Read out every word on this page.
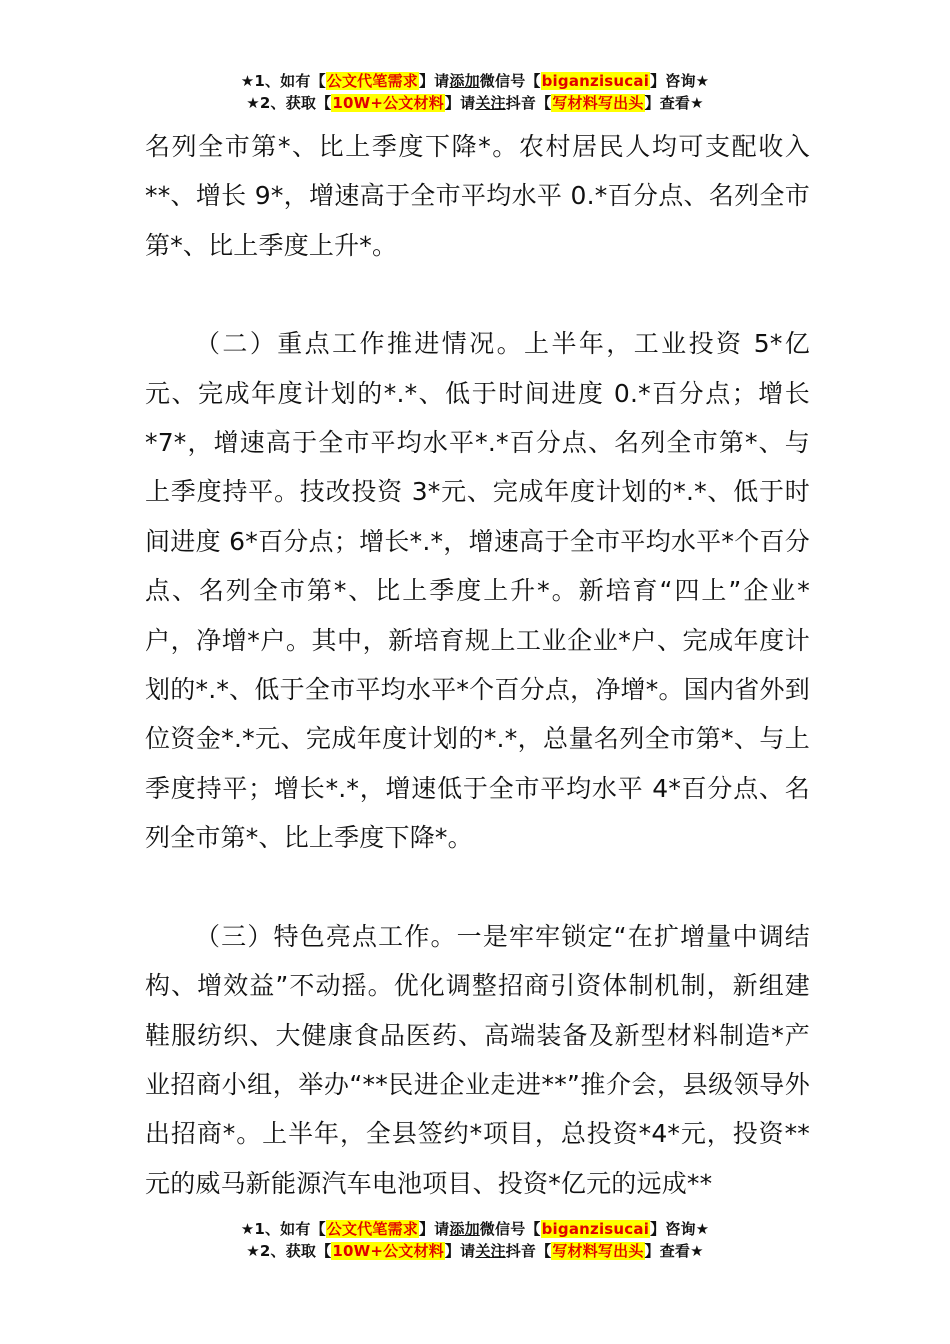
★1、如有【公文代笔需求】请添加微信号【biganzisucai】咨询★
★2、获取【10W+公文材料】请关注抖音【写材料写出头】查看★

名列全市第*、比上季度下降*。农村居民人均可支配收入**、增长 9*，增速高于全市平均水平 0.*百分点、名列全市第*、比上季度上升*。

（二）重点工作推进情况。上半年，工业投资 5*亿元、完成年度计划的*.*、低于时间进度 0.*百分点；增长*7*，增速高于全市平均水平*.*百分点、名列全市第*、与上季度持平。技改投资 3*元、完成年度计划的*.*、低于时间进度 6*百分点；增长*.*，增速高于全市平均水平*个百分点、名列全市第*、比上季度上升*。新培育“四上”企业*户，净增*户。其中，新培育规上工业企业*户、完成年度计划的*.*、低于全市平均水平*个百分点，净增*。国内省外到位资金*.*元、完成年度计划的*.*，总量名列全市第*、与上季度持平；增长*.*，增速低于全市平均水平 4*百分点、名列全市第*、比上季度下降*。

（三）特色亮点工作。一是牢牢锁定“在扩增量中调结构、增效益”不动摇。优化调整招商引资体制机制，新组建鞋服纺织、大健康食品医药、高端装备及新型材料制造*产业招商小组，举办“**民进企业走进**”推介会，县级领导外出招商*。上半年，全县签约*项目，总投资*4*元，投资**元的威马新能源汽车电池项目、投资*亿元的远成**

★1、如有【公文代笔需求】请添加微信号【biganzisucai】咨询★
★2、获取【10W+公文材料】请关注抖音【写材料写出头】查看★
